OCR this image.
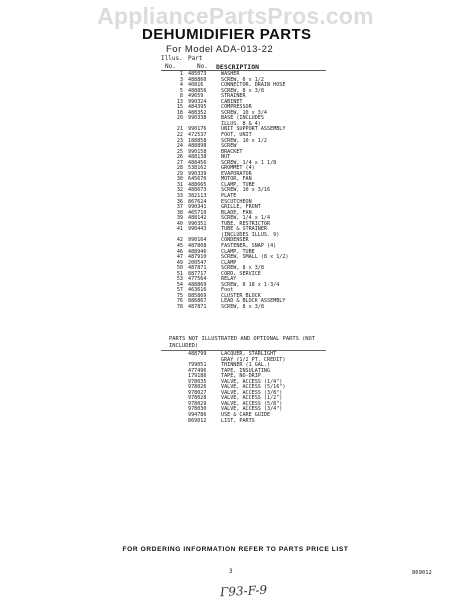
AppliancePartsPros.com
DEHUMIDIFIER PARTS
For Model ADA-013-22
Illus. Part
No.	No. DESCRIPTION
1 485073	WASHER
3 488860	SCREW, 6 x 1/2
4 40816	CONNECTOR, DRAIN HOSE
5 488856	SCREW, 8 x 3/8
8 49659	STRAINER
13 990324	CABINET
15 484395	COMPRESSOR
18 488352	SCREW, 10 x 3/4
20 990338	BASE (INCLUDES
ILLUS. 8 & 4)
21 990176	UNIT SUPPORT ASSEMBLY
22 472537	FOOT, UNIT
23 188858	SCREW, 10 x 1/2
24 488898	SCREW
25 990158	BRACKET
26 488138	NUT
27 488456	SCREW, 1/4 x 1 1/8
28 538162	GROMMET (4)
29 990339	EVAPORATOR
30 645670	MOTOR, FAN
31 488665	CLAMP, TUBE
32 488673	SCREW, 10 x 3/16
33 382113	PLATE
36 867624	ESCUTCHEON
37 990341	GRILLE, FRONT
38 465710	BLADE, FAN
39 488142	SCREW, 1/4 x 1/4
40 990351	TUBE, RESTRICTOR
41 990443	TUBE & STRAINER
(INCLUDES ILLUS. 9)
42 990164	CONDENSER
45 487808	FASTENER, SNAP (4)
46 488946	CLAMP, TUBE
47 487910	SCREW, SMALL (8 x 1/2)
49 200547	CLAMP
50 487871	SCREW, 8 x 3/8
51 887717	CORD, SERVICE
53 477564	RELAY
54 488869	SCREW, 8 18 x 1-3/4
57 463616	Foot
75 885869	CLUSTER BLOCK
76 886867	LEAD & BLOCK ASSEMBLY
78 487871	SCREW, 8 x 3/8
PARTS NOT ILLUSTRATED AND OPTIONAL PARTS (NOT INCLUDED)
488799	LACQUER, STARLIGHT
GRAY (1/2 PT. CREDIT)
799051	THINNER (1 GAL.)
477496	TAPE, INSULATING
179186	TAPE, NO-DRIP
978035	VALVE, ACCESS (1/4")
978026	VALVE, ACCESS (5/16")
978027	VALVE, ACCESS (3/8")
978028	VALVE, ACCESS (1/2")
978029	VALVE, ACCESS (5/8")
978030	VALVE, ACCESS (3/4")
994786	USE & CARE GUIDE
869012	LIST, PARTS
FOR ORDERING INFORMATION REFER TO PARTS PRICE LIST
3	869012
Γ93-F-9
